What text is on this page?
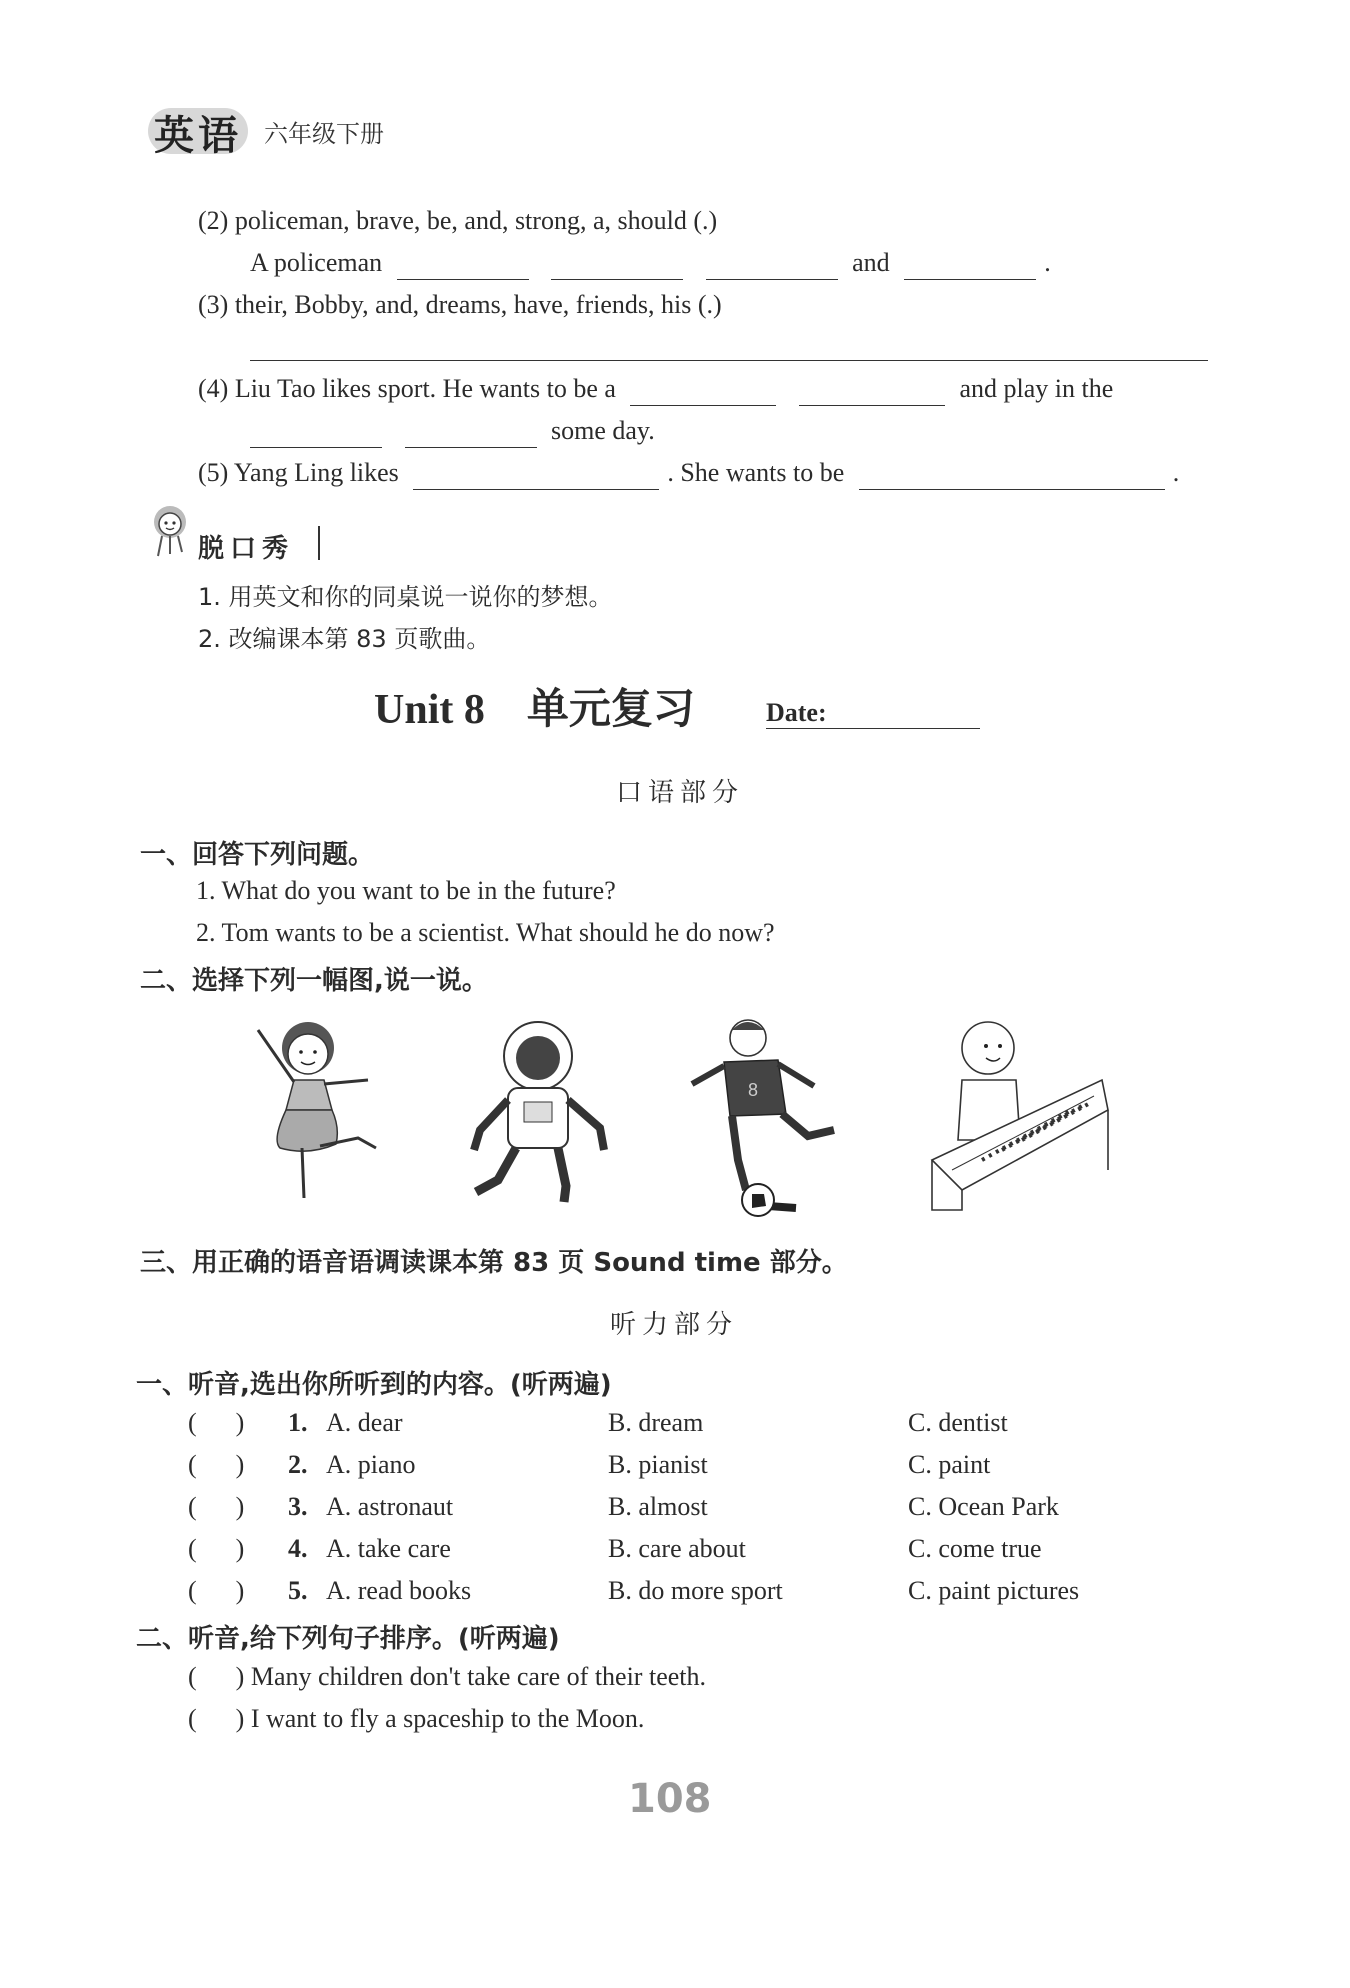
英语 六年级下册
(2) policeman, brave, be, and, strong, a, should (.)
A policeman	and	.
(3) their, Bobby, and, dreams, have, friends, his (.)
(4) Liu Tao likes sport. He wants to be a	and play in the
some day.
(5) Yang Ling likes	. She wants to be	.
脱口秀
1. 用英文和你的同桌说一说你的梦想。
2. 改编课本第 83 页歌曲。
Unit 8　单元复习	Date:
口语部分
一、回答下列问题。
1. What do you want to be in the future?
2. Tom wants to be a scientist. What should he do now?
二、选择下列一幅图,说一说。
8
三、用正确的语音语调读课本第 83 页 Sound time 部分。
听力部分
一、听音,选出你所听到的内容。(听两遍)
(      ) 1. A. dear	B. dream	C. dentist
(      ) 2. A. piano	B. pianist	C. paint
(      ) 3. A. astronaut	B. almost	C. Ocean Park
(      ) 4. A. take care	B. care about	C. come true
(      ) 5. A. read books	B. do more sport	C. paint pictures
二、听音,给下列句子排序。(听两遍)
(      ) Many children don't take care of their teeth.
(      ) I want to fly a spaceship to the Moon.
108
